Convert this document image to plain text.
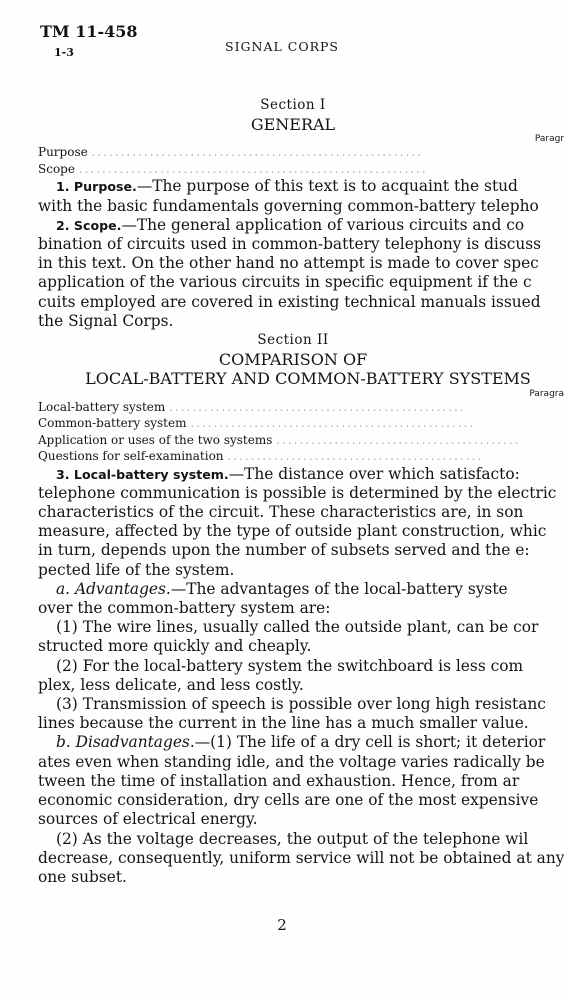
TM 11-458
1-3	SIGNAL CORPS
Section I
GENERAL
Paragr
Purpose .........................................................
Scope ............................................................

1. Purpose.—The purpose of this text is to acquaint the stud

with the basic fundamentals governing common-battery telepho

2. Scope.—The general application of various circuits and co

bination of circuits used in common-battery telephony is discuss

in this text. On the other hand no attempt is made to cover spec

application of the various circuits in specific equipment if the c

cuits employed are covered in existing technical manuals issued

the Signal Corps.

Section II
COMPARISON OF
LOCAL-BATTERY AND COMMON-BATTERY SYSTEMS
Paragra
Local-battery system ...................................................
Common-battery system .................................................
Application or uses of the two systems ..........................................
Questions for self-examination ............................................

3. Local-battery system.—The distance over which satisfacto:

telephone communication is possible is determined by the electric

characteristics of the circuit. These characteristics are, in son

measure, affected by the type of outside plant construction, whic

in turn, depends upon the number of subsets served and the e:

pected life of the system.

a. Advantages.—The advantages of the local-battery syste

over the common-battery system are:

(1) The wire lines, usually called the outside plant, can be cor

structed more quickly and cheaply.

(2) For the local-battery system the switchboard is less com

plex, less delicate, and less costly.

(3) Transmission of speech is possible over long high resistanc

lines because the current in the line has a much smaller value.

b. Disadvantages.—(1) The life of a dry cell is short; it deterior

ates even when standing idle, and the voltage varies radically be

tween the time of installation and exhaustion. Hence, from ar

economic consideration, dry cells are one of the most expensive

sources of electrical energy.

(2) As the voltage decreases, the output of the telephone wil

decrease, consequently, uniform service will not be obtained at any

one subset.

2
